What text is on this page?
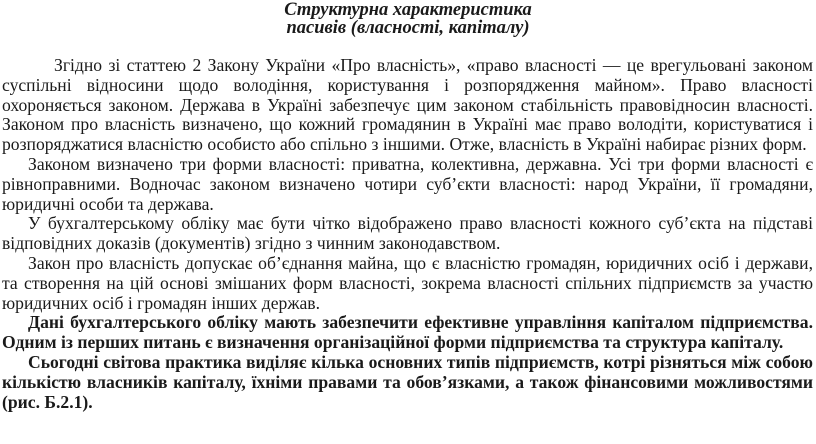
Структурна характеристика
пасивів (власності, капіталу)

Згідно зі статтею 2 Закону України «Про власність», «право власності — це врегульовані законом суспільні відносини щодо володіння, користування і розпорядження майном». Право власності охороняється законом. Держава в Україні забезпечує цим законом стабільність правовідносин власності. Законом про власність визначено, що кожний громадянин в Україні має право володіти, користуватися і розпоряджатися власністю особисто або спільно з іншими. Отже, власність в Україні набирає різних форм.

Законом визначено три форми власності: приватна, колективна, державна. Усі три форми власності є рівноправними. Водночас законом визначено чотири суб’єкти власності: народ України, її громадяни, юридичні особи та держава.

У бухгалтерському обліку має бути чітко відображено право власності кожного суб’єкта на підставі відповідних доказів (документів) згідно з чинним законодавством.

Закон про власність допускає об’єднання майна, що є власністю громадян, юридичних осіб і держави, та створення на цій основі змішаних форм власності, зокрема власності спільних підприємств за участю юридичних осіб і громадян інших держав.

Дані бухгалтерського обліку мають забезпечити ефективне управління капіталом підприємства. Одним із перших питань є визначення організаційної форми підприємства та структура капіталу.

Сьогодні світова практика виділяє кілька основних типів підприємств, котрі різняться між собою кількістю власників капіталу, їхніми правами та обов’язками, а також фінансовими можливостями (рис. Б.2.1).
